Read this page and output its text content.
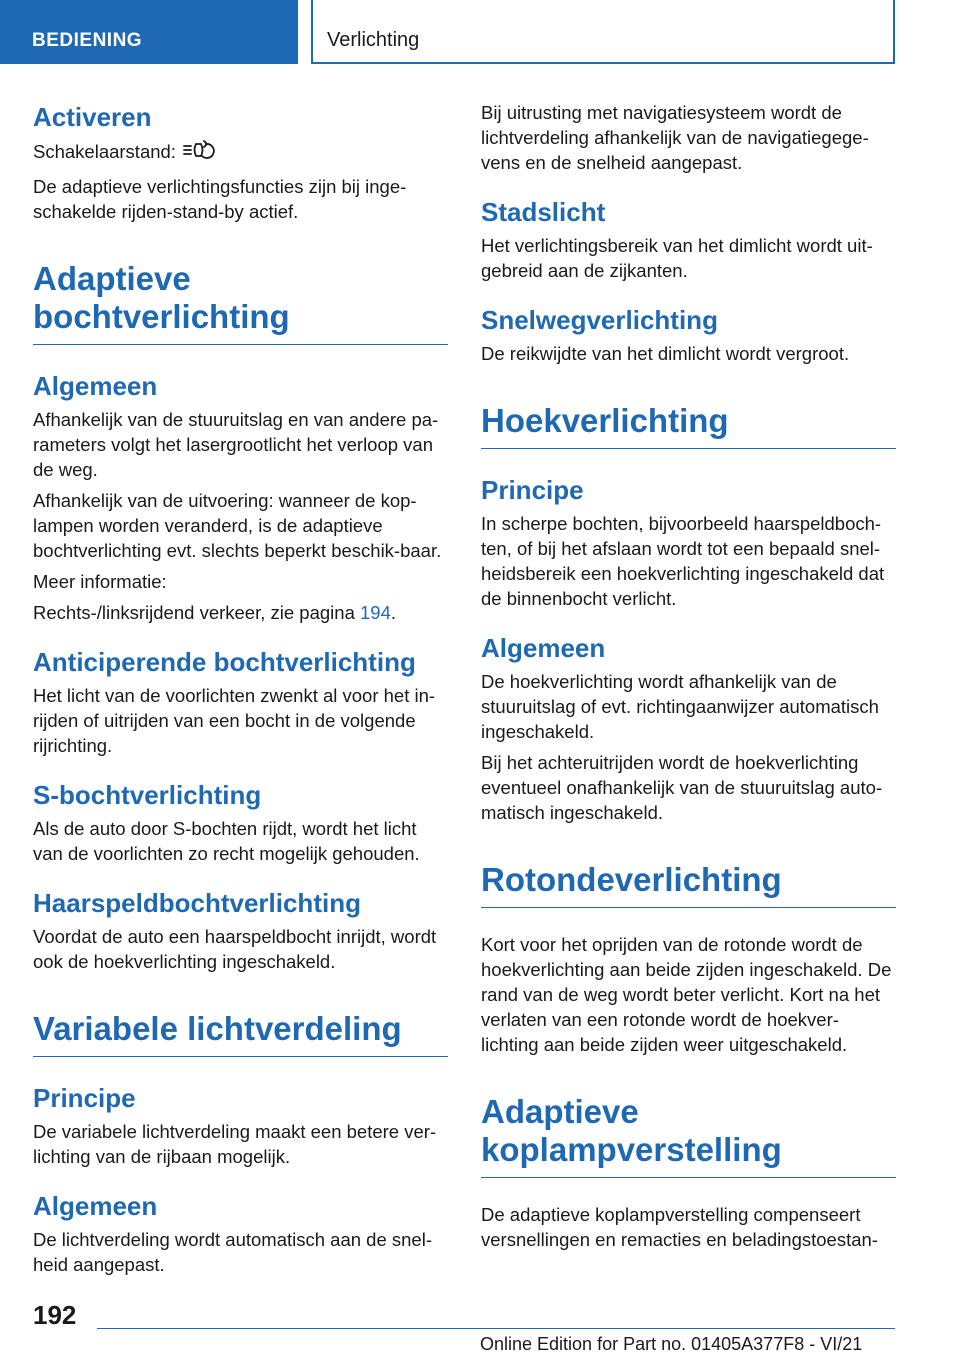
BEDIENING	Verlichting
Activeren

Schakelaarstand:

De adaptieve verlichtingsfuncties zijn bij inge-schakelde rijden-stand-by actief.

Adaptieve bochtverlichting
Algemeen

Afhankelijk van de stuuruitslag en van andere pa-rameters volgt het lasergrootlicht het verloop van de weg.

Afhankelijk van de uitvoering: wanneer de kop-lampen worden veranderd, is de adaptieve bochtverlichting evt. slechts beperkt beschik-baar.

Meer informatie:

Rechts-/linksrijdend verkeer, zie pagina 194.

Anticiperende bochtverlichting

Het licht van de voorlichten zwenkt al voor het in-rijden of uitrijden van een bocht in de volgende rijrichting.

S-bochtverlichting

Als de auto door S-bochten rijdt, wordt het licht van de voorlichten zo recht mogelijk gehouden.

Haarspeldbochtverlichting

Voordat de auto een haarspeldbocht inrijdt, wordt ook de hoekverlichting ingeschakeld.

Variabele lichtverdeling
Principe

De variabele lichtverdeling maakt een betere ver-lichting van de rijbaan mogelijk.

Algemeen

De lichtverdeling wordt automatisch aan de snel-heid aangepast.

Bij uitrusting met navigatiesysteem wordt de lichtverdeling afhankelijk van de navigatiegege-vens en de snelheid aangepast.

Stadslicht

Het verlichtingsbereik van het dimlicht wordt uit-gebreid aan de zijkanten.

Snelwegverlichting

De reikwijdte van het dimlicht wordt vergroot.

Hoekverlichting
Principe

In scherpe bochten, bijvoorbeeld haarspeldboch-ten, of bij het afslaan wordt tot een bepaald snel-heidsbereik een hoekverlichting ingeschakeld dat de binnenbocht verlicht.

Algemeen

De hoekverlichting wordt afhankelijk van de stuuruitslag of evt. richtingaanwijzer automatisch ingeschakeld.

Bij het achteruitrijden wordt de hoekverlichting eventueel onafhankelijk van de stuuruitslag auto-matisch ingeschakeld.

Rotondeverlichting

Kort voor het oprijden van de rotonde wordt de hoekverlichting aan beide zijden ingeschakeld. De rand van de weg wordt beter verlicht. Kort na het verlaten van een rotonde wordt de hoekver-lichting aan beide zijden weer uitgeschakeld.

Adaptieve
koplampverstelling

De adaptieve koplampverstelling compenseert versnellingen en remacties en beladingstoestan-

192
Online Edition for Part no. 01405A377F8 - VI/21
